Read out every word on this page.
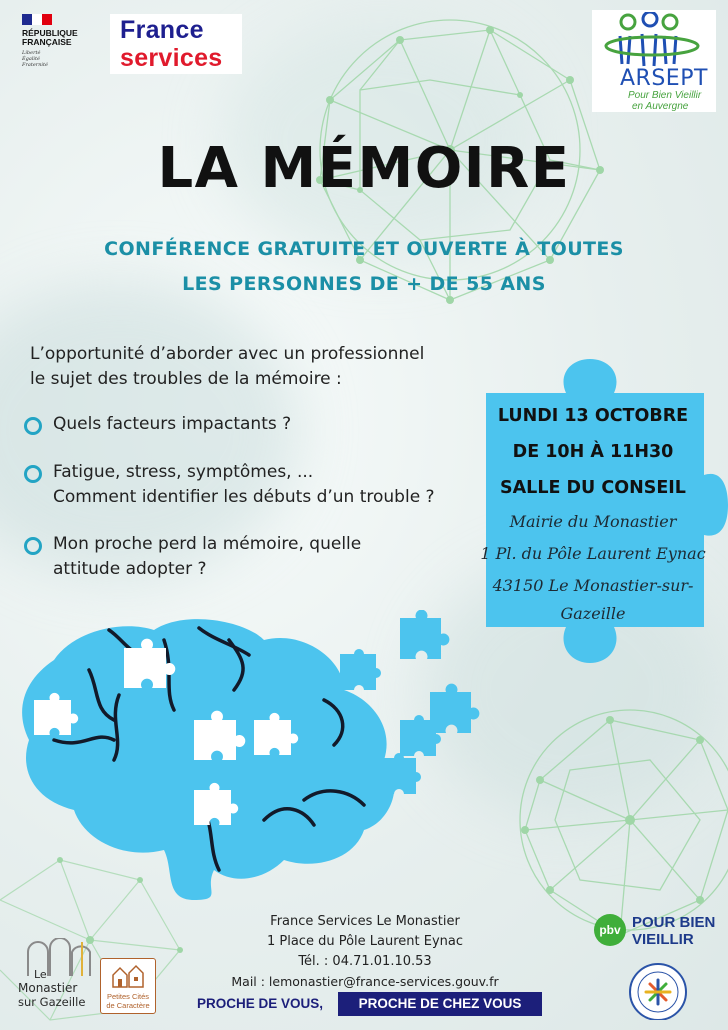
RÉPUBLIQUE
FRANÇAISE
Liberté
Égalité
Fraternité
France
services
ARSEPT
Pour Bien Vieillir
en Auvergne
LA MÉMOIRE
CONFÉRENCE GRATUITE ET OUVERTE À TOUTES
LES PERSONNES DE + DE 55 ANS
L’opportunité d’aborder avec un professionnel
le sujet des troubles de la mémoire :
Quels facteurs impactants ?
Fatigue, stress, symptômes, ...
Comment identifier les débuts d’un trouble ?
Mon proche perd la mémoire, quelle
attitude adopter ?
LUNDI 13 OCTOBRE
DE 10H À 11H30
SALLE DU CONSEIL
Mairie du Monastier
1 Pl. du Pôle Laurent Eynac
43150 Le Monastier-sur-
Gazeille
France Services Le Monastier
1 Place du Pôle Laurent Eynac
Tél. : 04.71.01.10.53
Mail : lemonastier@france-services.gouv.fr
PROCHE DE VOUS,	PROCHE DE CHEZ VOUS
Le
Monastier
sur Gazeille	Petites Cités
de Caractère
pbv POUR BIEN
VIEILLIR
